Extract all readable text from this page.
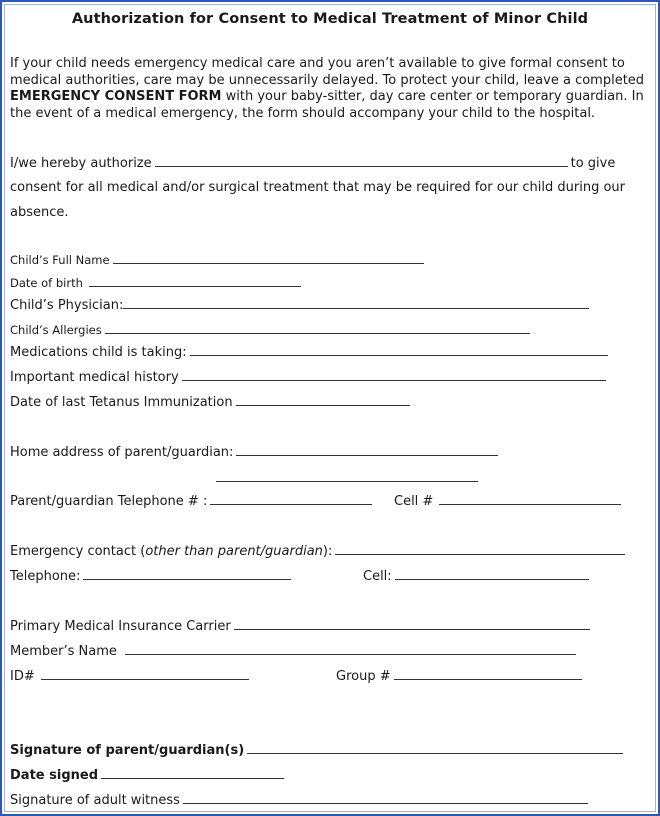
Authorization for Consent to Medical Treatment of Minor Child
If your child needs emergency medical care and you aren’t available to give formal consent to medical authorities, care may be unnecessarily delayed. To protect your child, leave a completed EMERGENCY CONSENT FORM with your baby-sitter, day care center or temporary guardian. In the event of a medical emergency, the form should accompany your child to the hospital.
I/we hereby authorize	to give
consent for all medical and/or surgical treatment that may be required for our child during our
absence.
Child’s Full Name
Date of birth
Child’s Physician:
Child’s Allergies
Medications child is taking:
Important medical history
Date of last Tetanus Immunization
Home address of parent/guardian:
Parent/guardian Telephone # :	Cell #
Emergency contact (other than parent/guardian):
Telephone:	Cell:
Primary Medical Insurance Carrier
Member’s Name
ID#	Group #
Signature of parent/guardian(s)
Date signed
Signature of adult witness
